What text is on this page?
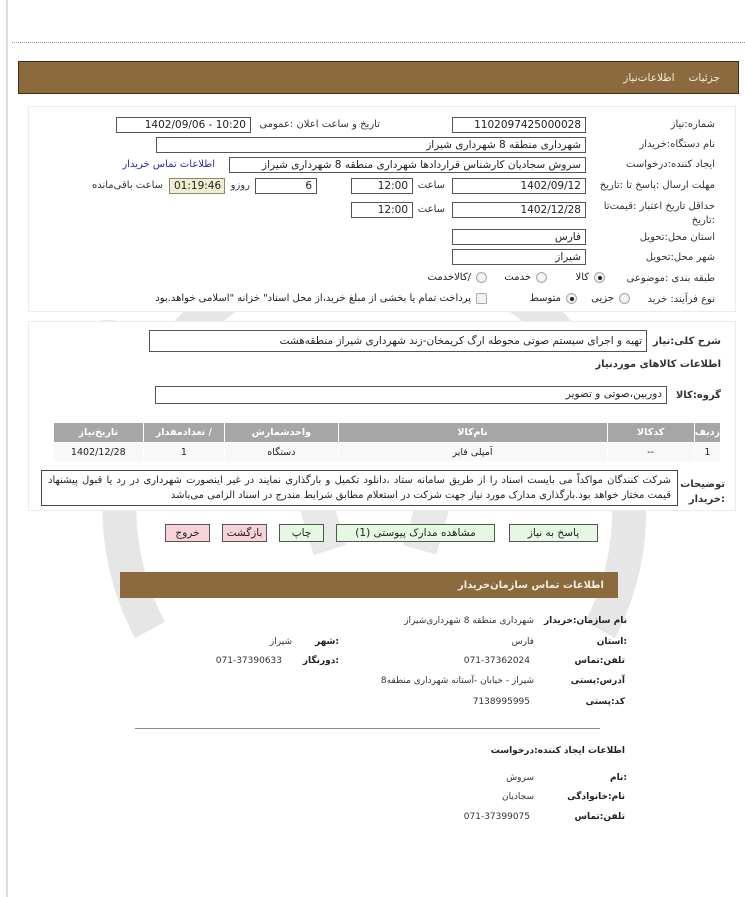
جزئیات
اطلاعات‌نیاز
شماره:نیاز
1102097425000028
تاریخ و ساعت اعلان :عمومی
1402/09/06 - 10:20
نام دستگاه:خریدار
شهرداری منطقه 8 شهرداری شیراز
ایجاد کننده:درخواست
سروش سجادیان کارشناس قراردادها شهرداری منطقه 8 شهرداری شیراز
اطلاعات تماس خریدار
مهلت ارسال :پاسخ تا :تاریخ
1402/09/12
ساعت
12:00
6
روزو
01:19:46
ساعت باقی‌مانده
حداقل تاریخ اعتبار :قیمت‌تا :تاریخ
1402/12/28
ساعت
12:00
استان محل:تحویل
فارس
شهر محل:تحویل
شیراز
طبقه بندی :موضوعی
کالا
خدمت
/کالاخدمت
نوع فرآیند: خرید
جزیی
متوسط
پرداخت تمام یا بخشی از مبلغ خرید،از محل اسناد" خزانه "اسلامی خواهد.بود
شرح کلی:نیاز
تهیه و اجرای سیستم صوتی محوطه ارگ کریمخان-زند شهرداری شیراز منطقه‌هشت
اطلاعات کالاهای موردنیاز
گروه:کالا
دوربین،صوتی و تصویر
ردیف	کدکالا	نام‌کالا	واحدشمارش	/ تعدادمقدار	تاریخ‌نیاز
1	--	آمپلی فایر	دستگاه	1	1402/12/28
توضیحات :خریدار
شرکت کنندگان مواکداً می بایست اسناد را از طریق سامانه ستاد ،دانلود تکمیل و بارگذاری نمایند در غیر اینصورت شهرداری در رد یا قبول پیشنهاد قیمت مختار خواهد بود.بارگذاری مدارک مورد نیاز جهت شرکت در استعلام مطابق شرایط مندرج در اسناد الزامی می‌باشد
پاسخ به نیاز
مشاهده مدارک پیوستی (1)
چاپ
بازگشت
خروج
اطلاعات تماس سازمان‌خریدار
نام سازمان:خریدار
شهرداری منطقه 8 شهرداری‌شیراز
:استان
فارس
:شهر
شیراز
تلفن:تماس
071-37362024
:دورنگار
071-37390633
آدرس:پستی
شیراز - خیابان -آستانه شهرداری منطقه8
کد:پستی
7138995995
اطلاعات ایجاد کننده:درخواست
:نام
سروش
نام:خانوادگی
سجادیان
تلفن:تماس
071-37399075
